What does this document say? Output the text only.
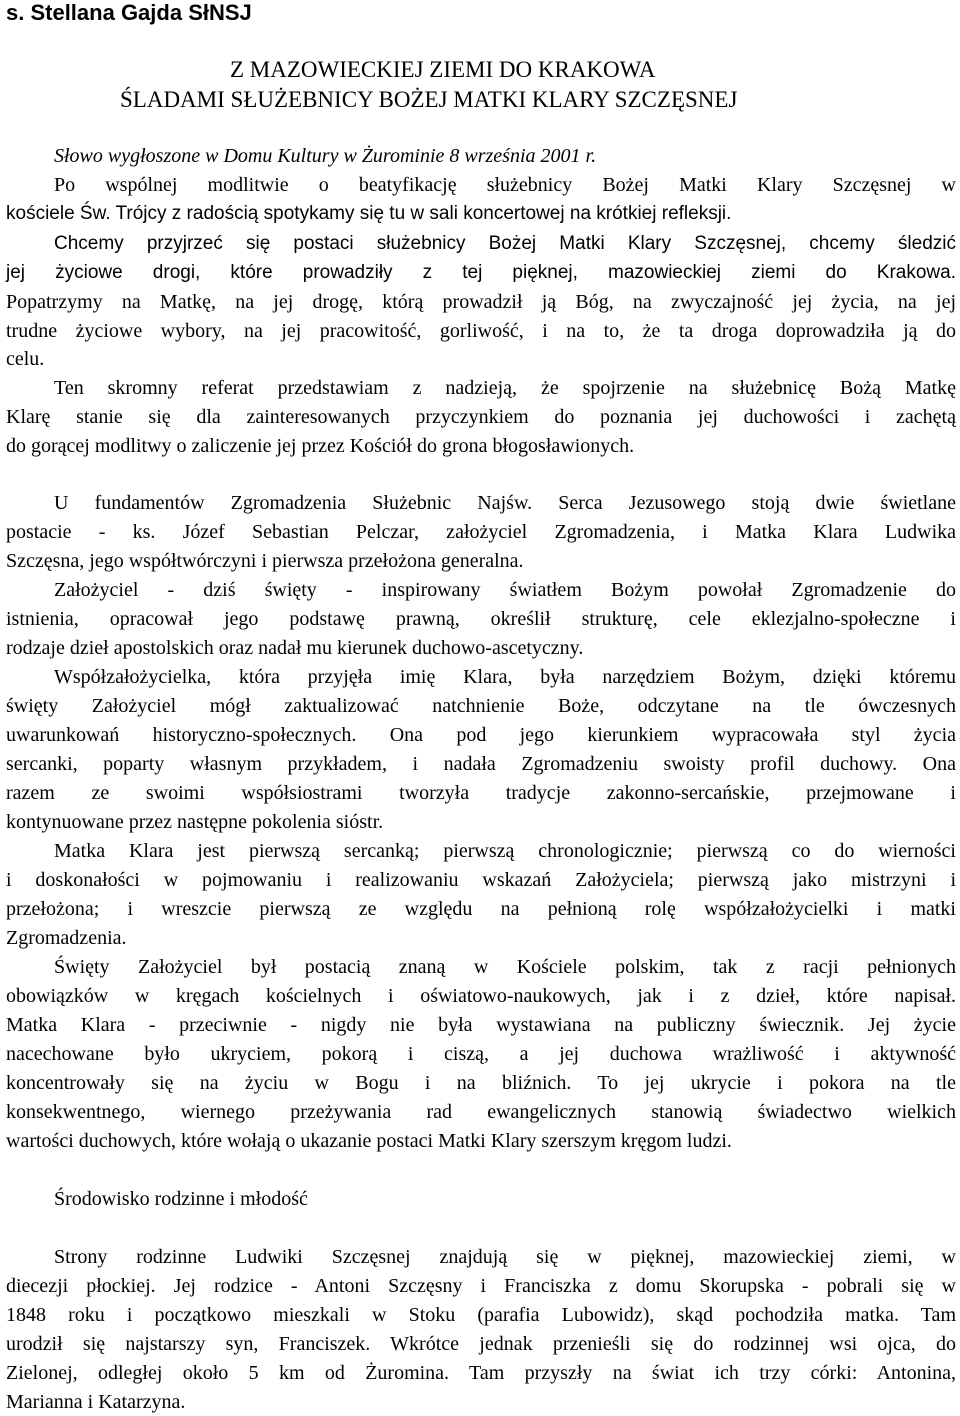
s. Stellana Gajda SłNSJ
Z MAZOWIECKIEJ ZIEMI DO KRAKOWA
ŚLADAMI SŁUŻEBNICY BOŻEJ MATKI KLARY SZCZĘSNEJ
Słowo wygłoszone w Domu Kultury w Żurominie 8 września 2001 r.
Po wspólnej modlitwie o beatyfikację służebnicy Bożej Matki Klary Szczęsnej w
kościele Św. Trójcy z radością spotykamy się tu w sali koncertowej na krótkiej refleksji.
Chcemy przyjrzeć się postaci służebnicy Bożej Matki Klary Szczęsnej, chcemy śledzić
jej życiowe drogi, które prowadziły z tej pięknej, mazowieckiej ziemi do Krakowa.
Popatrzymy na Matkę, na jej drogę, którą prowadził ją Bóg, na zwyczajność jej życia, na jej
trudne życiowe wybory, na jej pracowitość, gorliwość, i na to, że ta droga doprowadziła ją do
celu.
Ten skromny referat przedstawiam z nadzieją, że spojrzenie na służebnicę Bożą Matkę
Klarę stanie się dla zainteresowanych przyczynkiem do poznania jej duchowości i zachętą
do gorącej modlitwy o zaliczenie jej przez Kościół do grona błogosławionych.
U fundamentów Zgromadzenia Służebnic Najśw. Serca Jezusowego stoją dwie świetlane
postacie - ks. Józef Sebastian Pelczar, założyciel Zgromadzenia, i Matka Klara Ludwika
Szczęsna, jego współtwórczyni i pierwsza przełożona generalna.
Założyciel - dziś święty - inspirowany światłem Bożym powołał Zgromadzenie do
istnienia, opracował jego podstawę prawną, określił strukturę, cele eklezjalno-społeczne i
rodzaje dzieł apostolskich oraz nadał mu kierunek duchowo-ascetyczny.
Współzałożycielka, która przyjęła imię Klara, była narzędziem Bożym, dzięki któremu
święty Założyciel mógł zaktualizować natchnienie Boże, odczytane na tle ówczesnych
uwarunkowań historyczno-społecznych. Ona pod jego kierunkiem wypracowała styl życia
sercanki, poparty własnym przykładem, i nadała Zgromadzeniu swoisty profil duchowy. Ona
razem ze swoimi współsiostrami tworzyła tradycje zakonno-sercańskie, przejmowane i
kontynuowane przez następne pokolenia sióstr.
Matka Klara jest pierwszą sercanką; pierwszą chronologicznie; pierwszą co do wierności
i doskonałości w pojmowaniu i realizowaniu wskazań Założyciela; pierwszą jako mistrzyni i
przełożona; i wreszcie pierwszą ze względu na pełnioną rolę współzałożycielki i matki
Zgromadzenia.
Święty Założyciel był postacią znaną w Kościele polskim, tak z racji pełnionych
obowiązków w kręgach kościelnych i oświatowo-naukowych, jak i z dzieł, które napisał.
Matka Klara - przeciwnie - nigdy nie była wystawiana na publiczny świecznik. Jej życie
nacechowane było ukryciem, pokorą i ciszą, a jej duchowa wrażliwość i aktywność
koncentrowały się na życiu w Bogu i na bliźnich. To jej ukrycie i pokora na tle
konsekwentnego, wiernego przeżywania rad ewangelicznych stanowią świadectwo wielkich
wartości duchowych, które wołają o ukazanie postaci Matki Klary szerszym kręgom ludzi.
Środowisko rodzinne i młodość
Strony rodzinne Ludwiki Szczęsnej znajdują się w pięknej, mazowieckiej ziemi, w
diecezji płockiej. Jej rodzice - Antoni Szczęsny i Franciszka z domu Skorupska - pobrali się w
1848 roku i początkowo mieszkali w Stoku (parafia Lubowidz), skąd pochodziła matka. Tam
urodził się najstarszy syn, Franciszek. Wkrótce jednak przenieśli się do rodzinnej wsi ojca, do
Zielonej, odległej około 5 km od Żuromina. Tam przyszły na świat ich trzy córki: Antonina,
Marianna i Katarzyna.
